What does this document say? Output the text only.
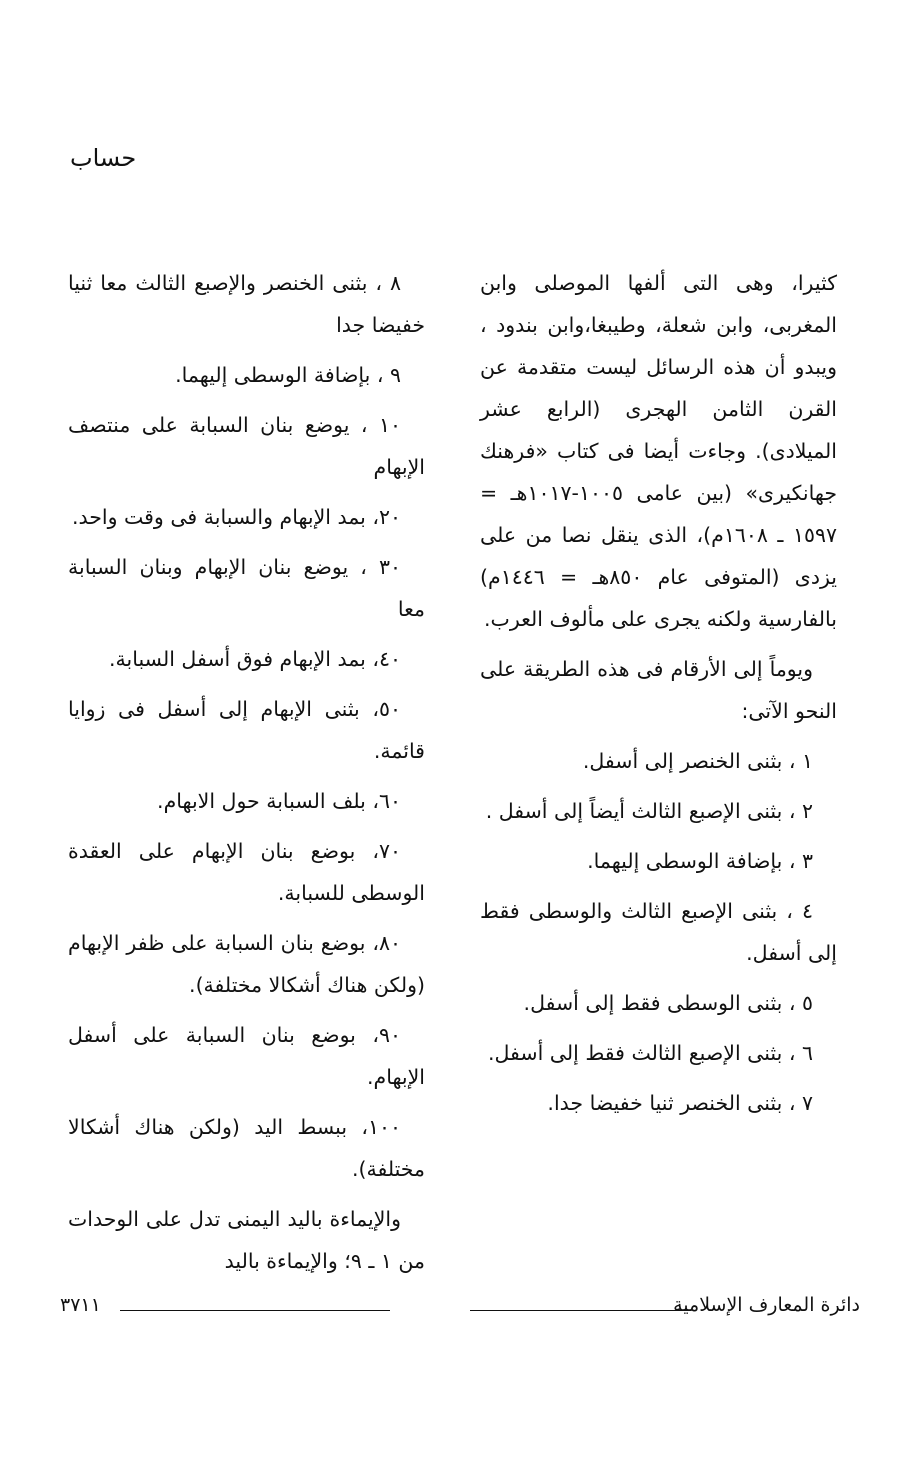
حساب

كثيرا، وهى التى ألفها الموصلى وابن المغربى، وابن شعلة، وطيبغا،وابن بندود ، ويبدو أن هذه الرسائل ليست متقدمة عن القرن الثامن الهجرى (الرابع عشر الميلادى). وجاءت أيضا فى كتاب «فرهنك جهانكيرى» (بين عامى ١٠٠٥-١٠١٧هـ = ١٥٩٧ ـ ١٦٠٨م)، الذى ينقل نصا من على يزدى (المتوفى عام ٨٥٠هـ = ١٤٤٦م) بالفارسية ولكنه يجرى على مألوف العرب.

ويوماً إلى الأرقام فى هذه الطريقة على النحو الآتى:

١ ، بثنى الخنصر إلى أسفل.

٢ ، بثنى الإصبع الثالث أيضاً إلى أسفل .

٣ ، بإضافة الوسطى إليهما.

٤ ، بثنى الإصبع الثالث والوسطى فقط إلى أسفل.

٥ ، بثنى الوسطى فقط إلى أسفل.

٦ ، بثنى الإصبع الثالث فقط إلى أسفل.

٧ ، بثنى الخنصر ثنيا خفيضا جدا.

٨ ، بثنى الخنصر والإصبع الثالث معا ثنيا خفيضا جدا

٩ ، بإضافة الوسطى إليهما.

١٠ ، يوضع بنان السبابة على منتصف الإبهام

٢٠، بمد الإبهام والسبابة فى وقت واحد.

٣٠ ، يوضع بنان الإبهام وبنان السبابة معا

٤٠، بمد الإبهام فوق أسفل السبابة.

٥٠، بثنى الإبهام إلى أسفل فى زوايا قائمة.

٦٠، بلف السبابة حول الابهام.

٧٠، بوضع بنان الإبهام على العقدة الوسطى للسبابة.

٨٠، بوضع بنان السبابة على ظفر الإبهام (ولكن هناك أشكالا مختلفة).

٩٠، بوضع بنان السبابة على أسفل الإبهام.

١٠٠، ببسط اليد (ولكن هناك أشكالا مختلفة).

والإيماءة باليد اليمنى تدل على الوحدات من ١ ـ ٩؛ والإيماءة باليد

دائرة المعارف الإسلامية
٣٧١١
